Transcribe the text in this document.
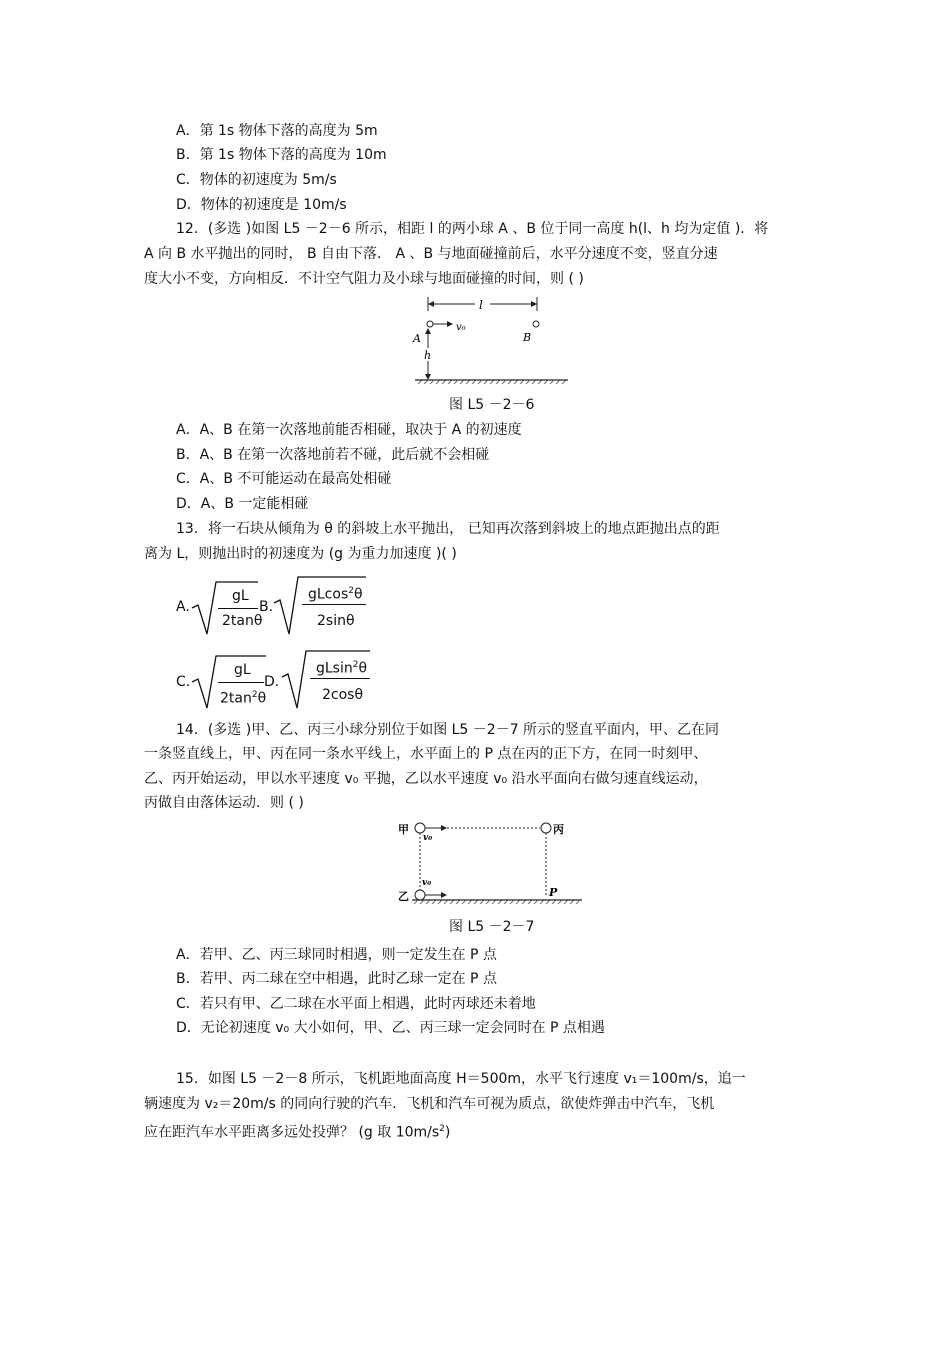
A．第 1s 物体下落的高度为 5m
B．第 1s 物体下落的高度为 10m
C．物体的初速度为 5m/s
D．物体的初速度是 10m/s
12．(多选 )如图 L5 －2－6 所示，相距 l 的两小球 A 、B 位于同一高度 h(l、h 均为定值 )．将
A 向 B 水平抛出的同时， B 自由下落． A 、B 与地面碰撞前后，水平分速度不变，竖直分速
度大小不变，方向相反．不计空气阻力及小球与地面碰撞的时间，则 ( )
l
v₀
A	B
h
图 L5 －2－6
A．A、B 在第一次落地前能否相碰，取决于 A 的初速度
B．A、B 在第一次落地前若不碰，此后就不会相碰
C．A、B 不可能运动在最高处相碰
D．A、B 一定能相碰
13．将一石块从倾角为 θ 的斜坡上水平抛出， 已知再次落到斜坡上的地点距抛出点的距
离为 L，则抛出时的初速度为 (g 为重力加速度 )( )
A.
gL
2tanθ
B.
gLcos$^2$θ
2sinθ
C.
gL
$2\tan^2\theta$
D.
gLsin$^2$θ
2cosθ
14．(多选 )甲、乙、丙三小球分别位于如图 L5 －2－7 所示的竖直平面内，甲、乙在同
一条竖直线上，甲、丙在同一条水平线上，水平面上的 P 点在丙的正下方，在同一时刻甲、
乙、丙开始运动，甲以水平速度 v₀ 平抛，乙以水平速度 v₀ 沿水平面向右做匀速直线运动，
丙做自由落体运动．则 ( )
甲
v₀
丙
v₀
乙	P
图 L5 －2－7
A．若甲、乙、丙三球同时相遇，则一定发生在 P 点
B．若甲、丙二球在空中相遇，此时乙球一定在 P 点
C．若只有甲、乙二球在水平面上相遇，此时丙球还未着地
D．无论初速度 v₀ 大小如何，甲、乙、丙三球一定会同时在 P 点相遇
15．如图 L5 －2－8 所示，飞机距地面高度 H＝500m，水平飞行速度 v₁＝100m/s，追一
辆速度为 v₂＝20m/s 的同向行驶的汽车．飞机和汽车可视为质点，欲使炸弹击中汽车，飞机
应在距汽车水平距离多远处投弹？ (g 取 $10m/s^2$)
